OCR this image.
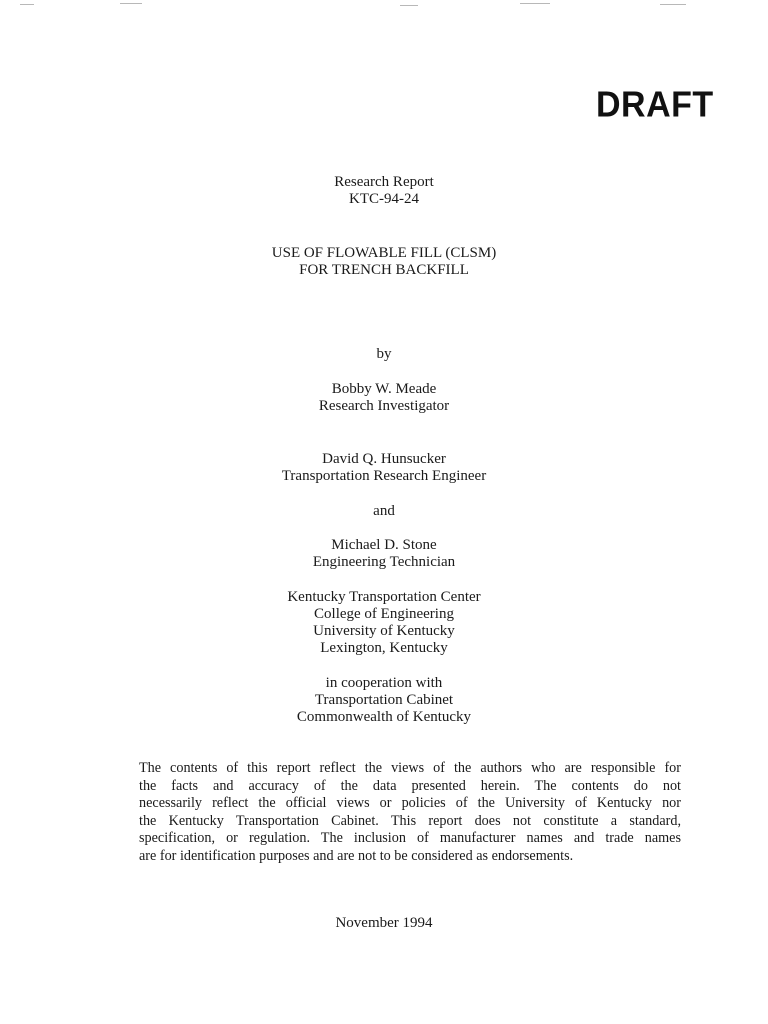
DRAFT
Research Report
KTC-94-24
USE OF FLOWABLE FILL (CLSM)
FOR TRENCH BACKFILL
by
Bobby W. Meade
Research Investigator
David Q. Hunsucker
Transportation Research Engineer
and
Michael D. Stone
Engineering Technician
Kentucky Transportation Center
College of Engineering
University of Kentucky
Lexington, Kentucky
in cooperation with
Transportation Cabinet
Commonwealth of Kentucky
The contents of this report reflect the views of the authors who are responsible for
the facts and accuracy of the data presented herein. The contents do not
necessarily reflect the official views or policies of the University of Kentucky nor
the Kentucky Transportation Cabinet. This report does not constitute a standard,
specification, or regulation. The inclusion of manufacturer names and trade names
are for identification purposes and are not to be considered as endorsements.
November 1994
